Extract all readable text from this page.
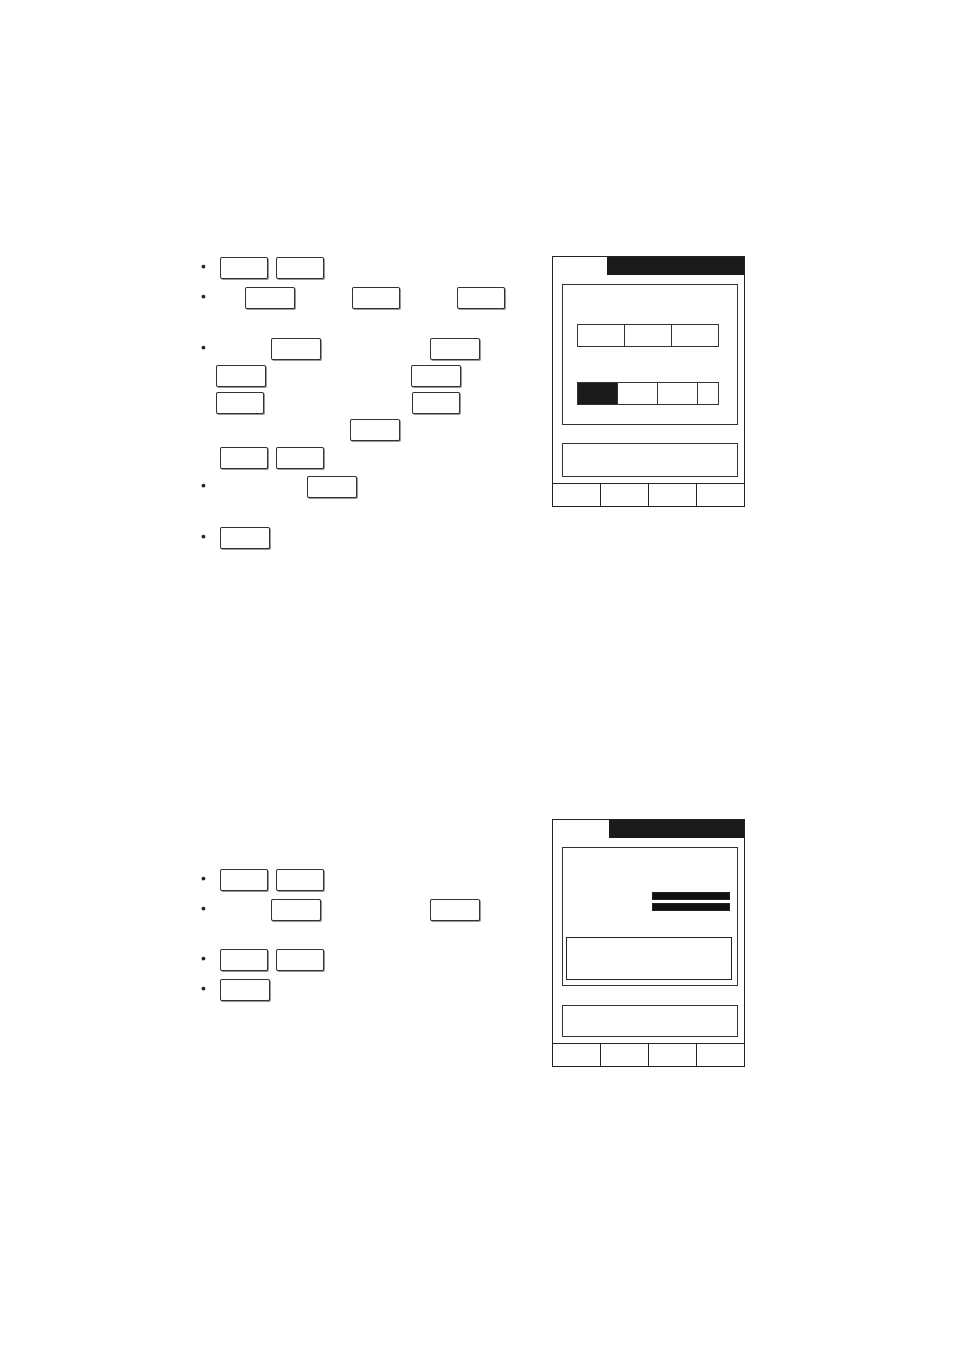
•

•
•
•

•
•

•
•
•
